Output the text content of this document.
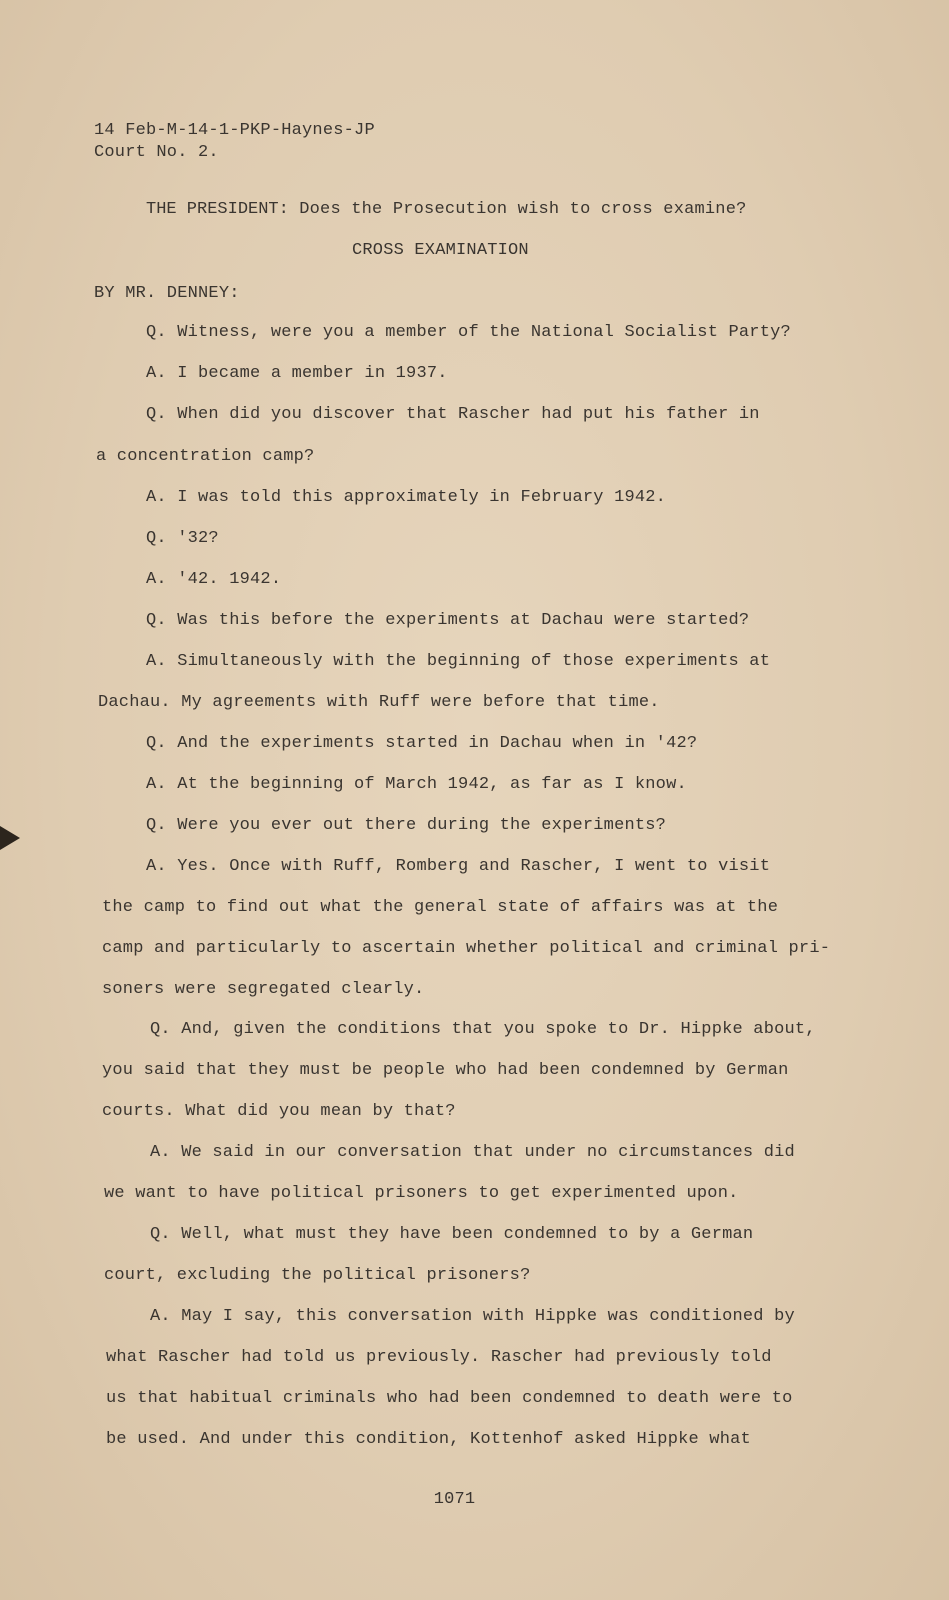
14 Feb-M-14-1-PKP-Haynes-JP
Court No. 2.
THE PRESIDENT: Does the Prosecution wish to cross examine?
CROSS EXAMINATION
BY MR. DENNEY:
Q. Witness, were you a member of the National Socialist Party?
A. I became a member in 1937.
Q. When did you discover that Rascher had put his father in
a concentration camp?
A. I was told this approximately in February 1942.
Q. '32?
A. '42. 1942.
Q. Was this before the experiments at Dachau were started?
A. Simultaneously with the beginning of those experiments at
Dachau. My agreements with Ruff were before that time.
Q. And the experiments started in Dachau when in '42?
A. At the beginning of March 1942, as far as I know.
Q. Were you ever out there during the experiments?
A. Yes. Once with Ruff, Romberg and Rascher, I went to visit
the camp to find out what the general state of affairs was at the
camp and particularly to ascertain whether political and criminal pri-
soners were segregated clearly.
Q. And, given the conditions that you spoke to Dr. Hippke about,
you said that they must be people who had been condemned by German
courts. What did you mean by that?
A. We said in our conversation that under no circumstances did
we want to have political prisoners to get experimented upon.
Q. Well, what must they have been condemned to by a German
court, excluding the political prisoners?
A. May I say, this conversation with Hippke was conditioned by
what Rascher had told us previously. Rascher had previously told
us that habitual criminals who had been condemned to death were to
be used. And under this condition, Kottenhof asked Hippke what
1071
